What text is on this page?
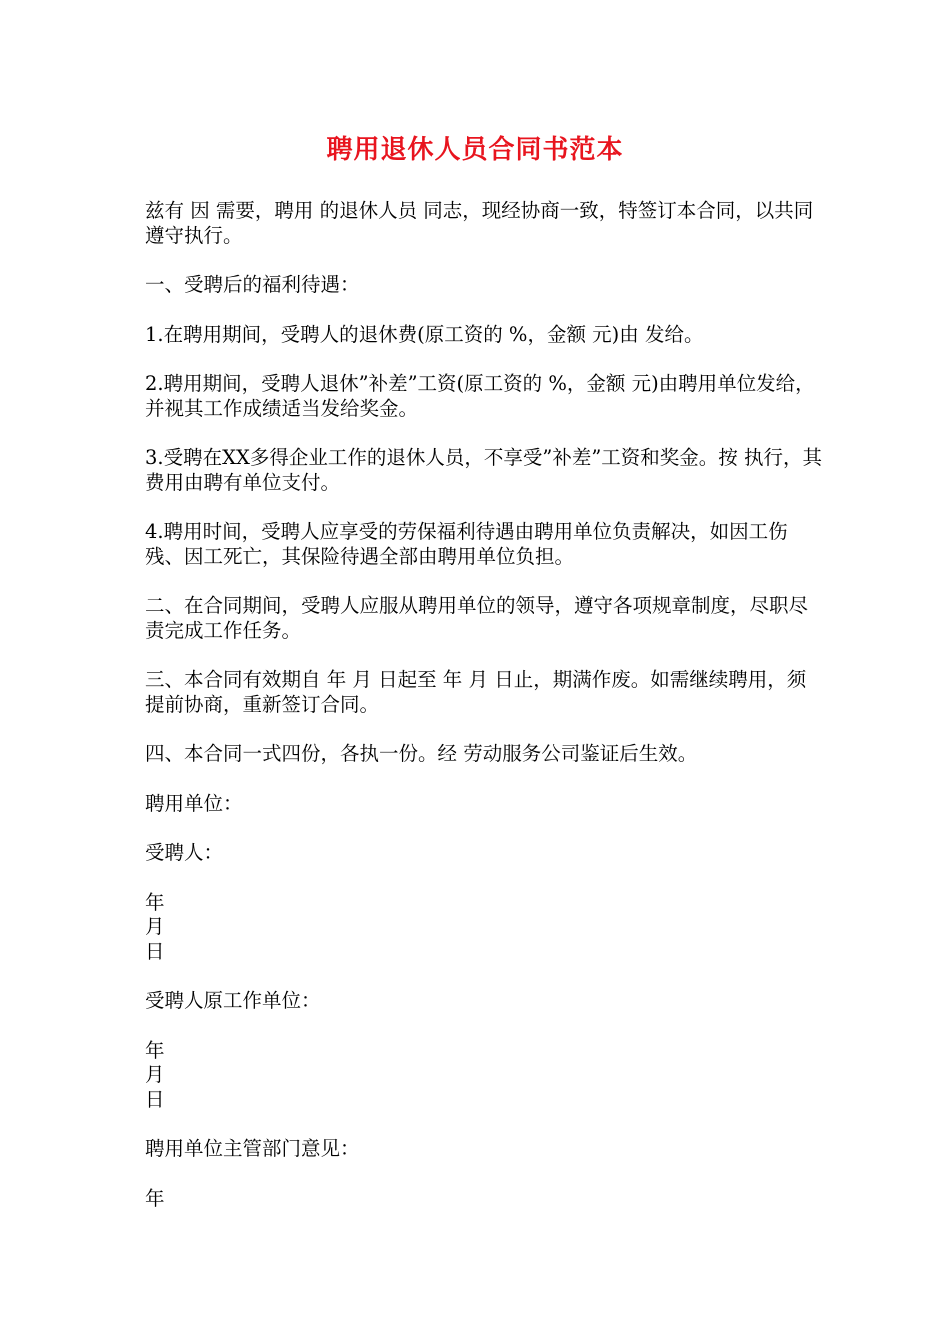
聘用退休人员合同书范本

兹有 因 需要，聘用 的退休人员 同志，现经协商一致，特签订本合同，以共同遵守执行。

一、受聘后的福利待遇：

1.在聘用期间，受聘人的退休费(原工资的 %，金额 元)由 发给。

2.聘用期间，受聘人退休”补差”工资(原工资的 %，金额 元)由聘用单位发给，并视其工作成绩适当发给奖金。

3.受聘在XX多得企业工作的退休人员，不享受”补差”工资和奖金。按 执行，其费用由聘有单位支付。

4.聘用时间，受聘人应享受的劳保福利待遇由聘用单位负责解决，如因工伤残、因工死亡，其保险待遇全部由聘用单位负担。

二、在合同期间，受聘人应服从聘用单位的领导，遵守各项规章制度，尽职尽责完成工作任务。

三、本合同有效期自 年 月 日起至 年 月 日止，期满作废。如需继续聘用，须提前协商，重新签订合同。

四、本合同一式四份，各执一份。经 劳动服务公司鉴证后生效。

聘用单位：

受聘人：

年

月

日

受聘人原工作单位：

年

月

日

聘用单位主管部门意见：

年
